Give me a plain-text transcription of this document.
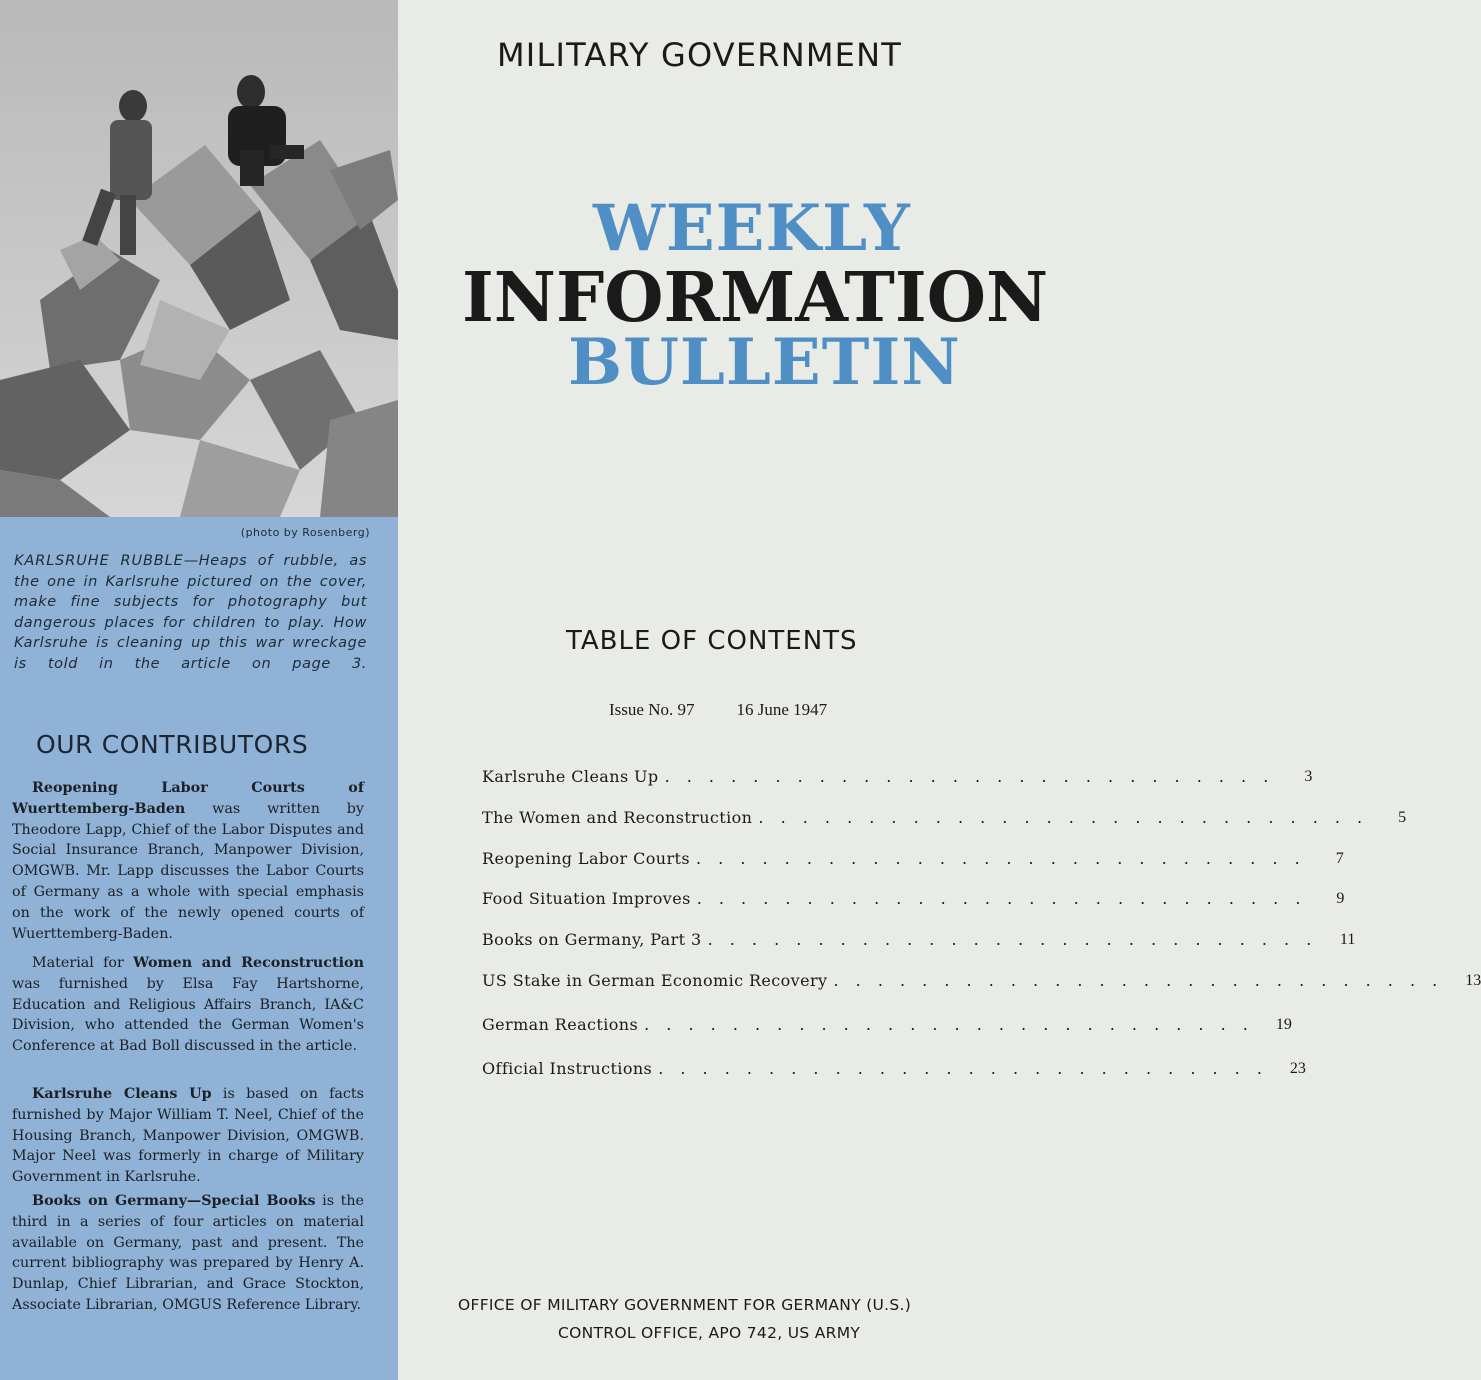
(photo by Rosenberg)
KARLSRUHE RUBBLE—Heaps of rubble, as the one in Karlsruhe pictured on the cover, make fine subjects for photography but dangerous places for children to play. How Karlsruhe is cleaning up this war wreckage is told in the article on page 3.
OUR CONTRIBUTORS

Reopening Labor Courts of Wuerttemberg-Baden was written by Theodore Lapp, Chief of the Labor Disputes and Social Insurance Branch, Manpower Division, OMGWB. Mr. Lapp discusses the Labor Courts of Germany as a whole with special emphasis on the work of the newly opened courts of Wuerttemberg-Baden.

Material for Women and Reconstruction was furnished by Elsa Fay Hartshorne, Education and Religious Affairs Branch, IA&C Division, who attended the German Women's Conference at Bad Boll discussed in the article.

Karlsruhe Cleans Up is based on facts furnished by Major William T. Neel, Chief of the Housing Branch, Manpower Division, OMGWB. Major Neel was formerly in charge of Military Government in Karlsruhe.

Books on Germany—Special Books is the third in a series of four articles on material available on Germany, past and present. The current bibliography was prepared by Henry A. Dunlap, Chief Librarian, and Grace Stockton, Associate Librarian, OMGUS Reference Library.

MILITARY GOVERNMENT
WEEKLY
INFORMATION
BULLETIN
TABLE OF CONTENTS
Issue No. 97 16 June 1947
Karlsruhe Cleans Up . . . . . . . . . . . . . . . . . . . . . . . . . . . .	3
The Women and Reconstruction . . . . . . . . . . . . . . . . . . . . . . . . . . . .	5
Reopening Labor Courts . . . . . . . . . . . . . . . . . . . . . . . . . . . .	7
Food Situation Improves . . . . . . . . . . . . . . . . . . . . . . . . . . . .	9
Books on Germany, Part 3 . . . . . . . . . . . . . . . . . . . . . . . . . . . .	11
US Stake in German Economic Recovery . . . . . . . . . . . . . . . . . . . . . . . . . . . .	13
German Reactions . . . . . . . . . . . . . . . . . . . . . . . . . . . .	19
Official Instructions . . . . . . . . . . . . . . . . . . . . . . . . . . . .	23
OFFICE OF MILITARY GOVERNMENT FOR GERMANY (U.S.)
CONTROL OFFICE, APO 742, US ARMY
